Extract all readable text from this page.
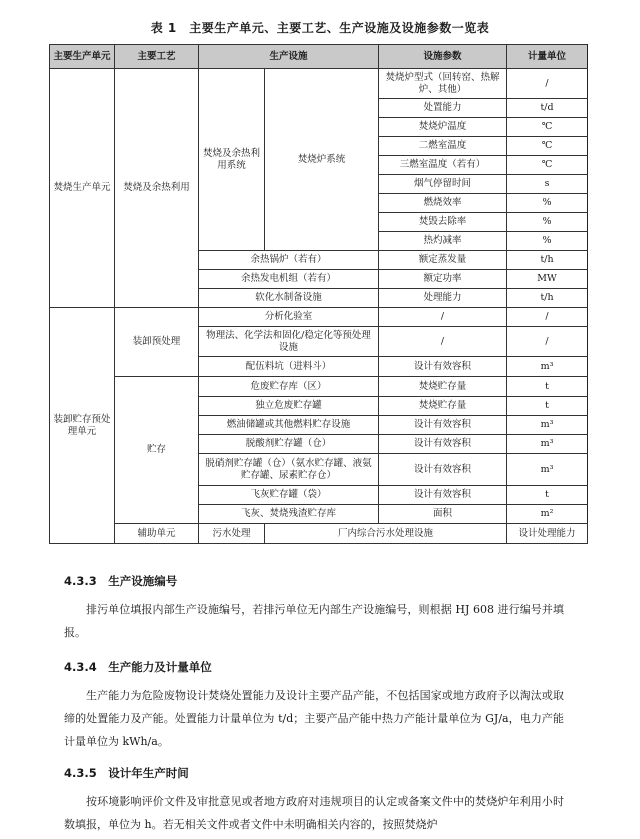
表 1　主要生产单元、主要工艺、生产设施及设施参数一览表
主要生产单元	主要工艺	生产设施		设施参数	计量单位	
焚烧生产单元	焚烧及余热利用	焚烧及余热利用系统	焚烧炉系统	焚烧炉型式（回转窑、热解炉、其他）	/	
				处置能力	t/d	
				焚烧炉温度	℃	
				二燃室温度	℃	
				三燃室温度（若有）	℃	
				烟气停留时间	s	
				燃烧效率	%	
				焚毁去除率	%	
				热灼减率	%	
		余热锅炉（若有）		额定蒸发量	t/h	
		余热发电机组（若有）		额定功率	MW	
		软化水制备设施		处理能力	t/h	
装卸贮存预处理单元	装卸预处理	分析化验室		/	/	
		物理法、化学法和固化/稳定化等预处理设施		/	/	
		配伍料坑（进料斗）		设计有效容积	m³	
	贮存	危废贮存库（区）		焚烧贮存量	t	
		独立危废贮存罐		焚烧贮存量	t	
		燃油储罐或其他燃料贮存设施		设计有效容积	m³	
		脱酸剂贮存罐（仓）		设计有效容积	m³	
		脱硝剂贮存罐（仓）（氨水贮存罐、液氨贮存罐、尿素贮存仓）		设计有效容积	m³	
		飞灰贮存罐（袋）		设计有效容积	t	
		飞灰、焚烧残渣贮存库		面积	m²	
	辅助单元	污水处理	厂内综合污水处理设施		设计处理能力	
4.3.3　生产设施编号
排污单位填报内部生产设施编号，若排污单位无内部生产设施编号，则根据 HJ 608 进行编号并填报。
4.3.4　生产能力及计量单位
生产能力为危险废物设计焚烧处置能力及设计主要产品产能，不包括国家或地方政府予以淘汰或取缔的处置能力及产能。处置能力计量单位为 t/d；主要产品产能中热力产能计量单位为 GJ/a，电力产能计量单位为 kWh/a。
4.3.5　设计年生产时间
按环境影响评价文件及审批意见或者地方政府对违规项目的认定或备案文件中的焚烧炉年利用小时数填报，单位为 h。若无相关文件或者文件中未明确相关内容的，按照焚烧炉
